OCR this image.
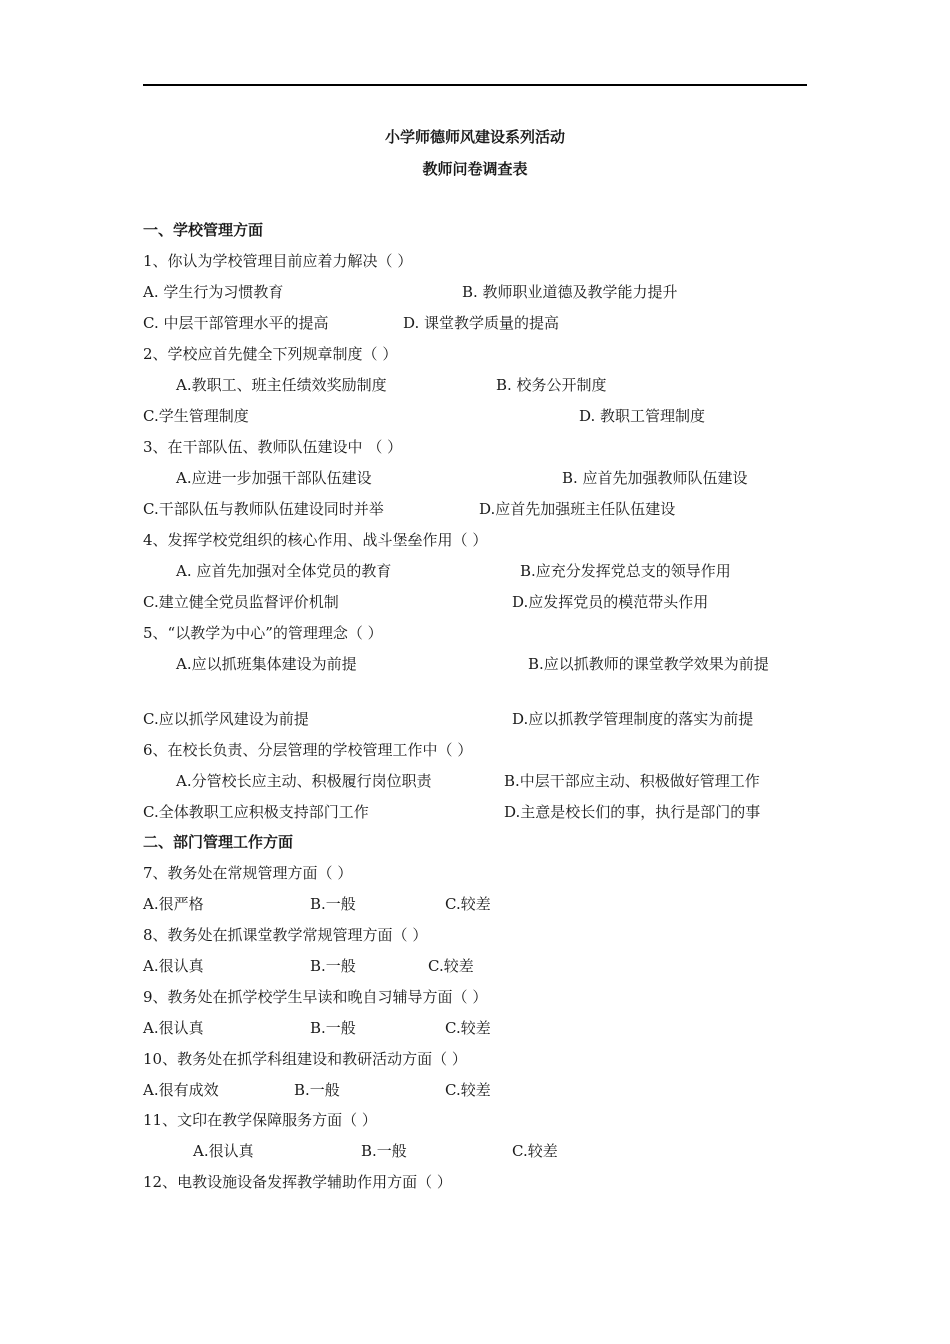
小学师德师风建设系列活动
教师问卷调查表
一、学校管理方面
1、你认为学校管理目前应着力解决（ ）
A. 学生行为习惯教育	B. 教师职业道德及教学能力提升
C. 中层干部管理水平的提高	D. 课堂教学质量的提高
2、学校应首先健全下列规章制度（ ）
A.教职工、班主任绩效奖励制度	B. 校务公开制度
C.学生管理制度	D. 教职工管理制度
3、在干部队伍、教师队伍建设中 （ ）
A.应进一步加强干部队伍建设	B. 应首先加强教师队伍建设
C.干部队伍与教师队伍建设同时并举	D.应首先加强班主任队伍建设
4、发挥学校党组织的核心作用、战斗堡垒作用（ ）
A. 应首先加强对全体党员的教育	B.应充分发挥党总支的领导作用
C.建立健全党员监督评价机制	D.应发挥党员的模范带头作用
5、“以教学为中心”的管理理念（ ）
A.应以抓班集体建设为前提	B.应以抓教师的课堂教学效果为前提
C.应以抓学风建设为前提	D.应以抓教学管理制度的落实为前提
6、在校长负责、分层管理的学校管理工作中（ ）
A.分管校长应主动、积极履行岗位职责	B.中层干部应主动、积极做好管理工作
C.全体教职工应积极支持部门工作	D.主意是校长们的事，执行是部门的事
二、部门管理工作方面
7、教务处在常规管理方面（ ）
A.很严格	B.一般	C.较差
8、教务处在抓课堂教学常规管理方面（ ）
A.很认真	B.一般	C.较差
9、教务处在抓学校学生早读和晚自习辅导方面（ ）
A.很认真	B.一般	C.较差
10、教务处在抓学科组建设和教研活动方面（ ）
A.很有成效	B.一般	C.较差
11、文印在教学保障服务方面（ ）
A.很认真	B.一般	C.较差
12、电教设施设备发挥教学辅助作用方面（ ）
